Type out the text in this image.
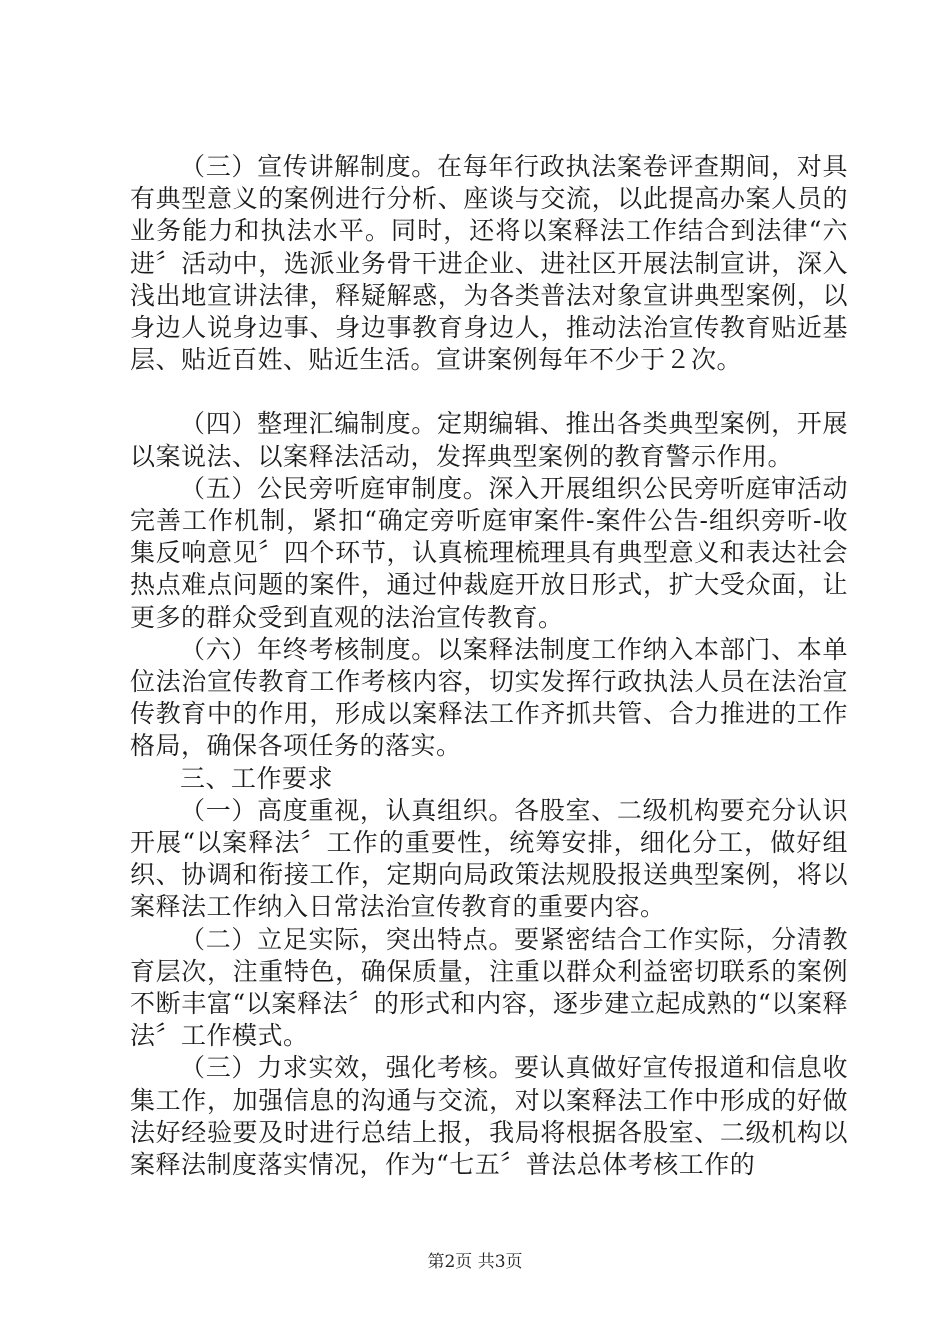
（三）宣传讲解制度。在每年行政执法案卷评查期间，对具有典型意义的案例进行分析、座谈与交流，以此提高办案人员的业务能力和执法水平。同时，还将以案释法工作结合到法律“六进〞活动中，选派业务骨干进企业、进社区开展法制宣讲，深入浅出地宣讲法律，释疑解惑，为各类普法对象宣讲典型案例，以身边人说身边事、身边事教育身边人，推动法治宣传教育贴近基层、贴近百姓、贴近生活。宣讲案例每年不少于２次。

（四）整理汇编制度。定期编辑、推出各类典型案例，开展以案说法、以案释法活动，发挥典型案例的教育警示作用。

（五）公民旁听庭审制度。深入开展组织公民旁听庭审活动完善工作机制，紧扣“确定旁听庭审案件-案件公告-组织旁听-收集反响意见〞四个环节，认真梳理梳理具有典型意义和表达社会热点难点问题的案件，通过仲裁庭开放日形式，扩大受众面，让更多的群众受到直观的法治宣传教育。

（六）年终考核制度。以案释法制度工作纳入本部门、本单位法治宣传教育工作考核内容，切实发挥行政执法人员在法治宣传教育中的作用，形成以案释法工作齐抓共管、合力推进的工作格局，确保各项任务的落实。

三、工作要求

（一）高度重视，认真组织。各股室、二级机构要充分认识开展“以案释法〞工作的重要性，统筹安排，细化分工，做好组织、协调和衔接工作，定期向局政策法规股报送典型案例，将以案释法工作纳入日常法治宣传教育的重要内容。

（二）立足实际，突出特点。要紧密结合工作实际，分清教育层次，注重特色，确保质量，注重以群众利益密切联系的案例不断丰富“以案释法〞的形式和内容，逐步建立起成熟的“以案释法〞工作模式。

（三）力求实效，强化考核。要认真做好宣传报道和信息收集工作，加强信息的沟通与交流，对以案释法工作中形成的好做法好经验要及时进行总结上报，我局将根据各股室、二级机构以案释法制度落实情况，作为“七五〞普法总体考核工作的

第2页 共3页
